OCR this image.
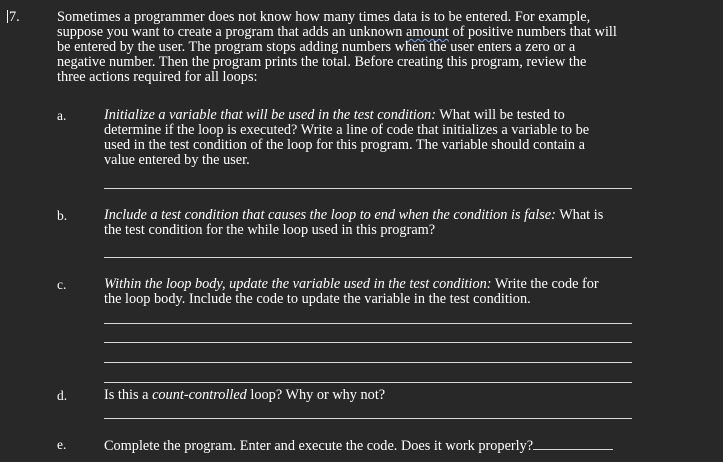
7.	Sometimes a programmer does not know how many times data is to be entered. For example,
suppose you want to create a program that adds an unknown amount of positive numbers that will
be entered by the user. The program stops adding numbers when the user enters a zero or a
negative number. Then the program prints the total. Before creating this program, review the
three actions required for all loops:
a.	Initialize a variable that will be used in the test condition: What will be tested to
determine if the loop is executed? Write a line of code that initializes a variable to be
used in the test condition of the loop for this program. The variable should contain a
value entered by the user.
b.	Include a test condition that causes the loop to end when the condition is false: What is
the test condition for the while loop used in this program?
c.	Within the loop body, update the variable used in the test condition: Write the code for
the loop body. Include the code to update the variable in the test condition.
d.	Is this a count-controlled loop? Why or why not?
e.	Complete the program. Enter and execute the code. Does it work properly?
